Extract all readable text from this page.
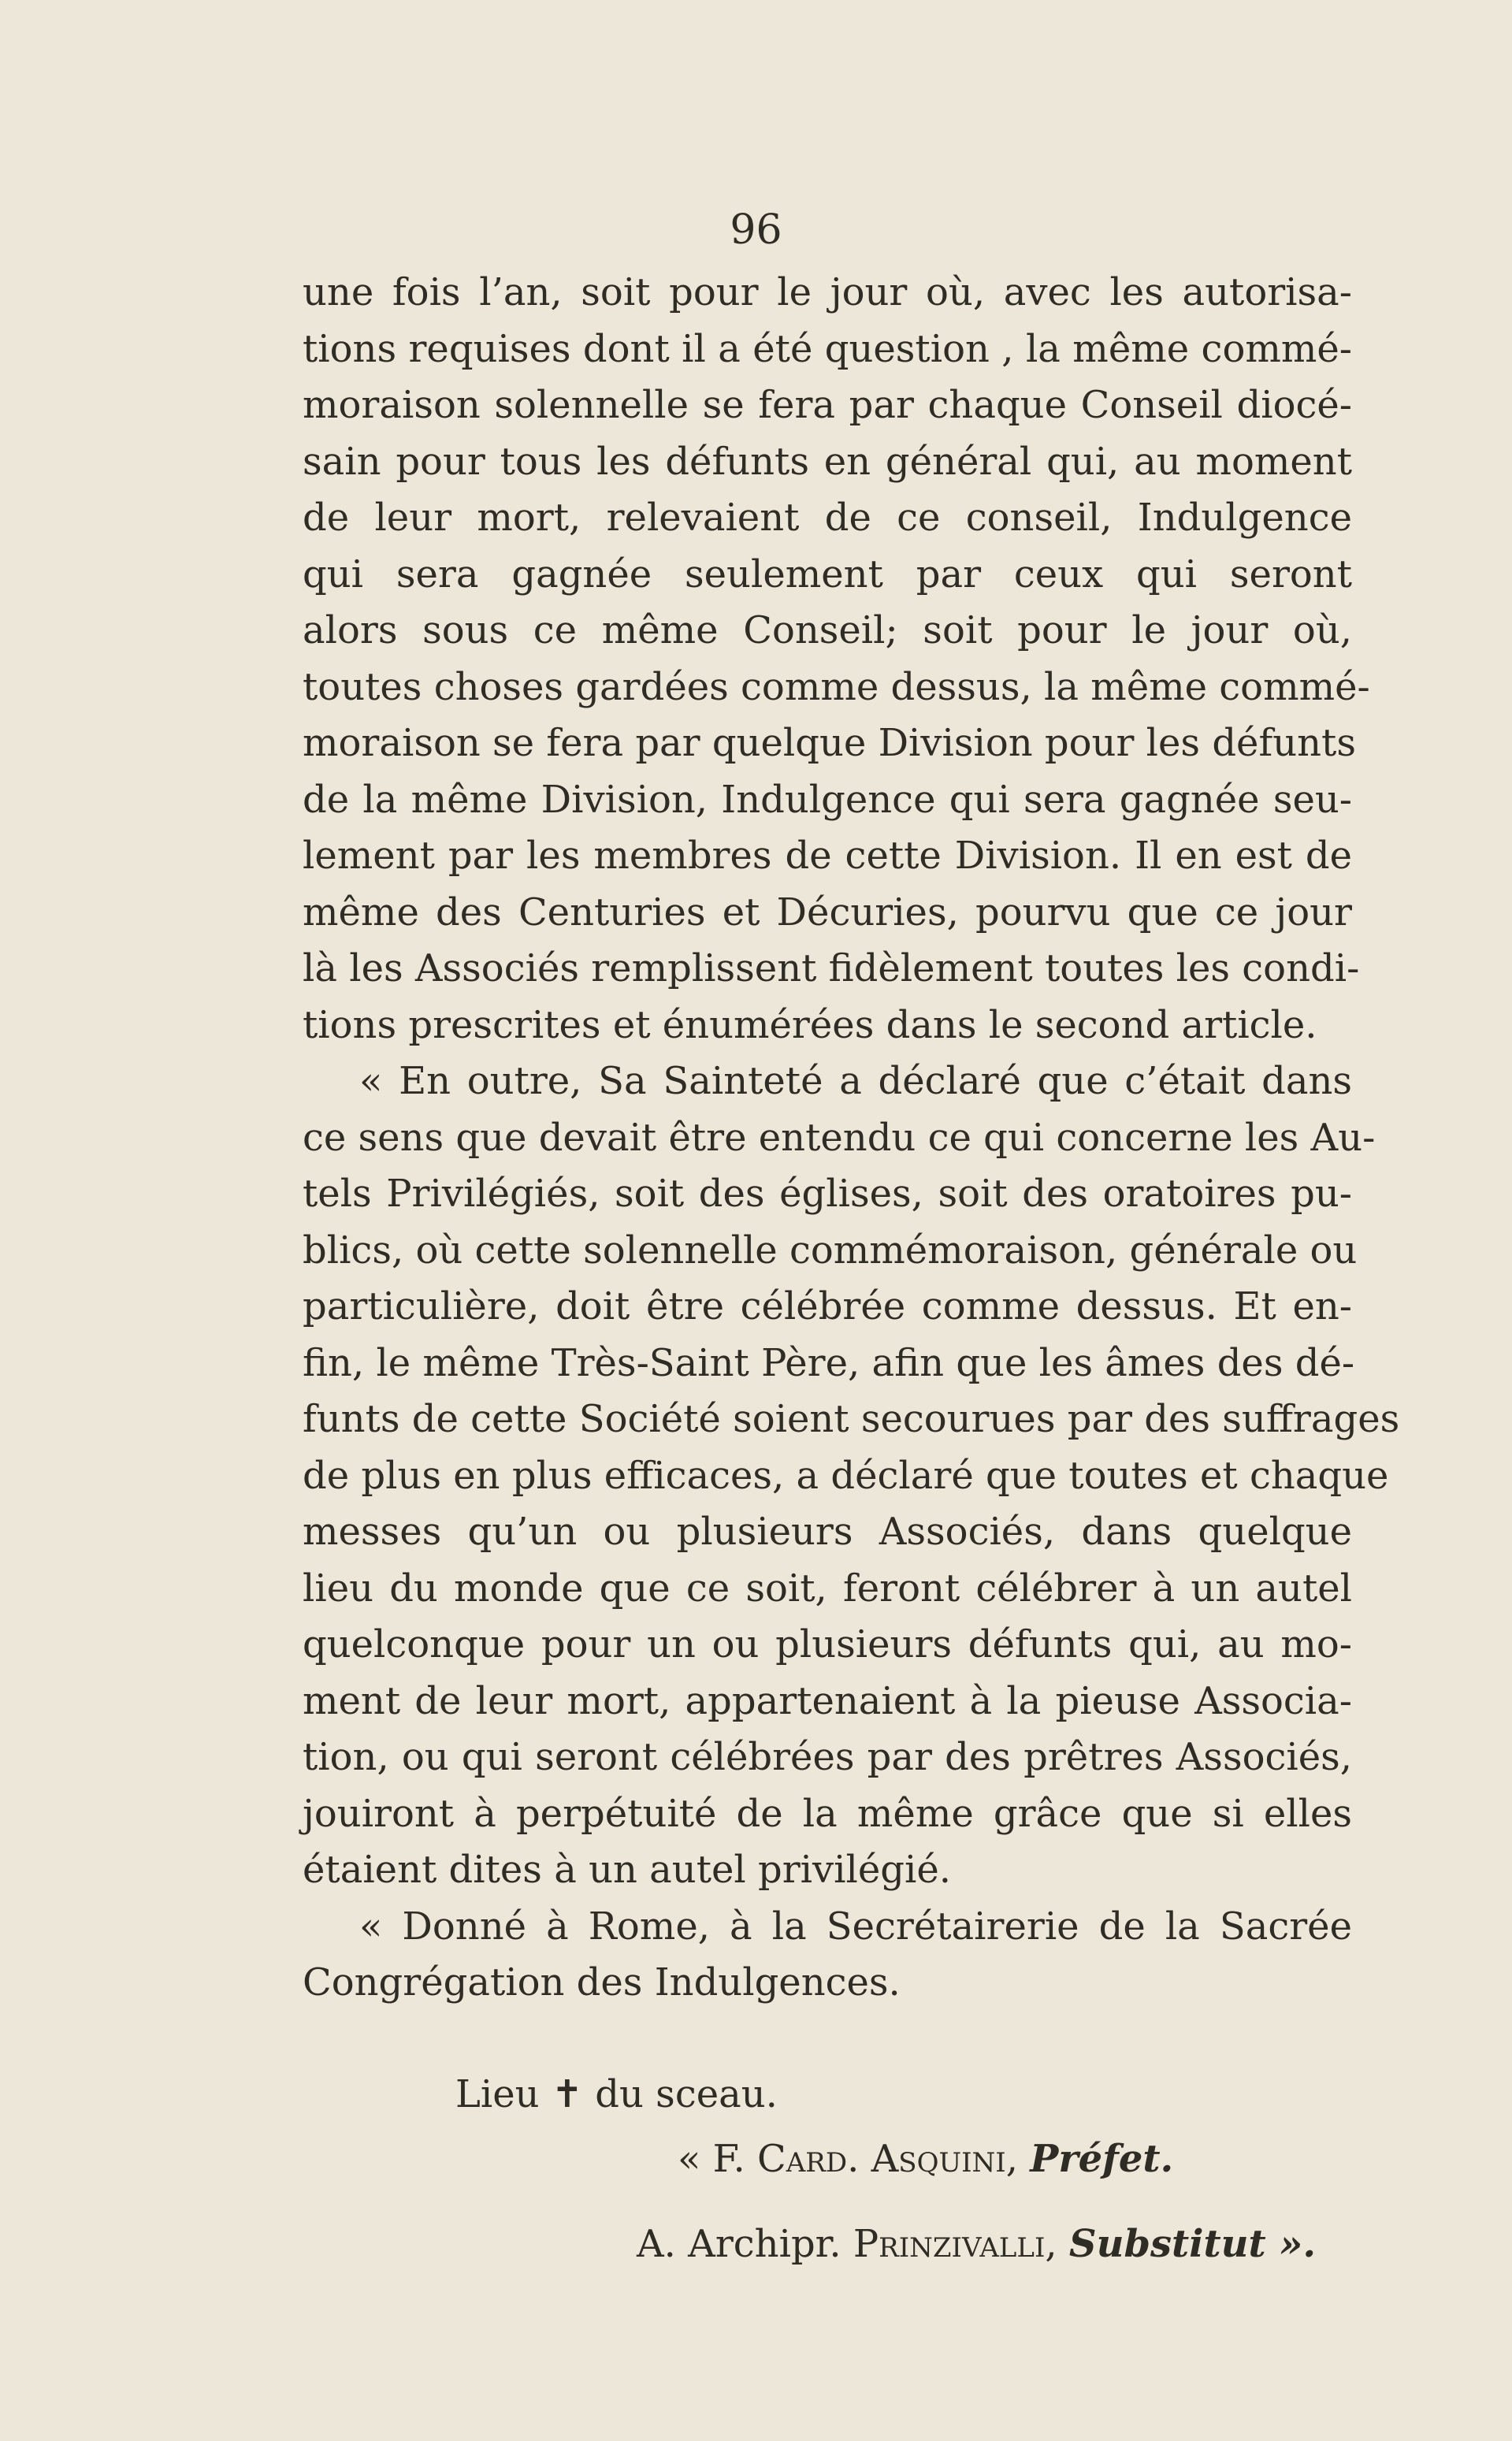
96
une fois l’an, soit pour le jour où, avec les autorisa-
tions requises dont il a été question , la même commé-
moraison solennelle se fera par chaque Conseil diocé-
sain pour tous les défunts en général qui, au moment
de leur mort, relevaient de ce conseil, Indulgence
qui sera gagnée seulement par ceux qui seront
alors sous ce même Conseil; soit pour le jour où,
toutes choses gardées comme dessus, la même commé-
moraison se fera par quelque Division pour les défunts
de la même Division, Indulgence qui sera gagnée seu-
lement par les membres de cette Division. Il en est de
même des Centuries et Décuries, pourvu que ce jour
là les Associés remplissent fidèlement toutes les condi-
tions prescrites et énumérées dans le second article.
« En outre, Sa Sainteté a déclaré que c’était dans
ce sens que devait être entendu ce qui concerne les Au-
tels Privilégiés, soit des églises, soit des oratoires pu-
blics, où cette solennelle commémoraison, générale ou
particulière, doit être célébrée comme dessus. Et en-
fin, le même Très-Saint Père, afin que les âmes des dé-
funts de cette Société soient secourues par des suffrages
de plus en plus efficaces, a déclaré que toutes et chaque
messes qu’un ou plusieurs Associés, dans quelque
lieu du monde que ce soit, feront célébrer à un autel
quelconque pour un ou plusieurs défunts qui, au mo-
ment de leur mort, appartenaient à la pieuse Associa-
tion, ou qui seront célébrées par des prêtres Associés,
jouiront à perpétuité de la même grâce que si elles
étaient dites à un autel privilégié.
« Donné à Rome, à la Secrétairerie de la Sacrée
Congrégation des Indulgences.
Lieu ✝ du sceau.
« F. Card. Asquini, Préfet.
A. Archipr. Prinzivalli, Substitut ».
